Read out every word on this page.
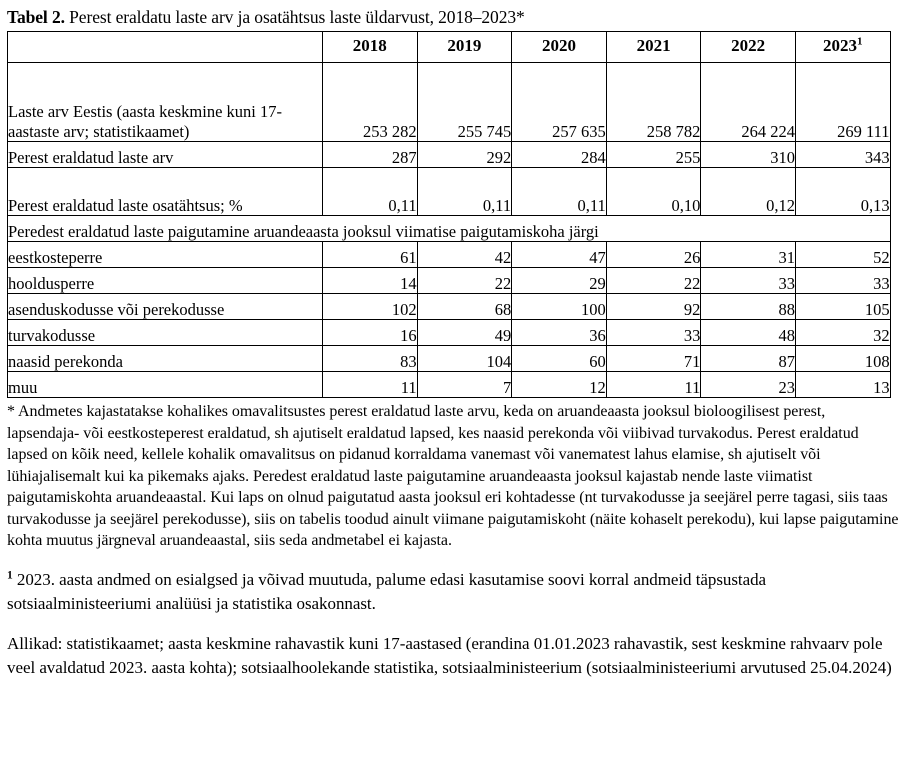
Tabel 2. Perest eraldatu laste arv ja osatähtsus laste üldarvust, 2018–2023*

	2018	2019	2020	2021	2022	2023$^1$
Laste arv Eestis (aasta keskmine kuni 17-aastaste arv; statistikaamet)	253 282	255 745	257 635	258 782	264 224	269 111
Perest eraldatud laste arv	287	292	284	255	310	343
Perest eraldatud laste osatähtsus; %	0,11	0,11	0,11	0,10	0,12	0,13
Peredest eraldatud laste paigutamine aruandeaasta jooksul viimatise paigutamiskoha järgi						
eestkosteperre	61	42	47	26	31	52
hooldusperre	14	22	29	22	33	33
asenduskodusse või perekodusse	102	68	100	92	88	105
turvakodusse	16	49	36	33	48	32
naasid perekonda	83	104	60	71	87	108
muu	11	7	12	11	23	13

* Andmetes kajastatakse kohalikes omavalitsustes perest eraldatud laste arvu, keda on aruandeaasta jooksul bioloogilisest perest, lapsendaja- või eestkosteperest eraldatud, sh ajutiselt eraldatud lapsed, kes naasid perekonda või viibivad turvakodus. Perest eraldatud lapsed on kõik need, kellele kohalik omavalitsus on pidanud korraldama vanemast või vanematest lahus elamise, sh ajutiselt või lühiajalisemalt kui ka pikemaks ajaks. Peredest eraldatud laste paigutamine aruandeaasta jooksul kajastab nende laste viimatist paigutamiskohta aruandeaastal. Kui laps on olnud paigutatud aasta jooksul eri kohtadesse (nt turvakodusse ja seejärel perre tagasi, siis taas turvakodusse ja seejärel perekodusse), siis on tabelis toodud ainult viimane paigutamiskoht (näite kohaselt perekodu), kui lapse paigutamine kohta muutus järgneval aruandeaastal, siis seda andmetabel ei kajasta.

$^1$ 2023. aasta andmed on esialgsed ja võivad muutuda, palume edasi kasutamise soovi korral andmeid täpsustada sotsiaalministeeriumi analüüsi ja statistika osakonnast.

Allikad: statistikaamet; aasta keskmine rahavastik kuni 17-aastased (erandina 01.01.2023 rahavastik, sest keskmine rahvaarv pole veel avaldatud 2023. aasta kohta); sotsiaalhoolekande statistika, sotsiaalministeerium (sotsiaalministeeriumi arvutused 25.04.2024)
